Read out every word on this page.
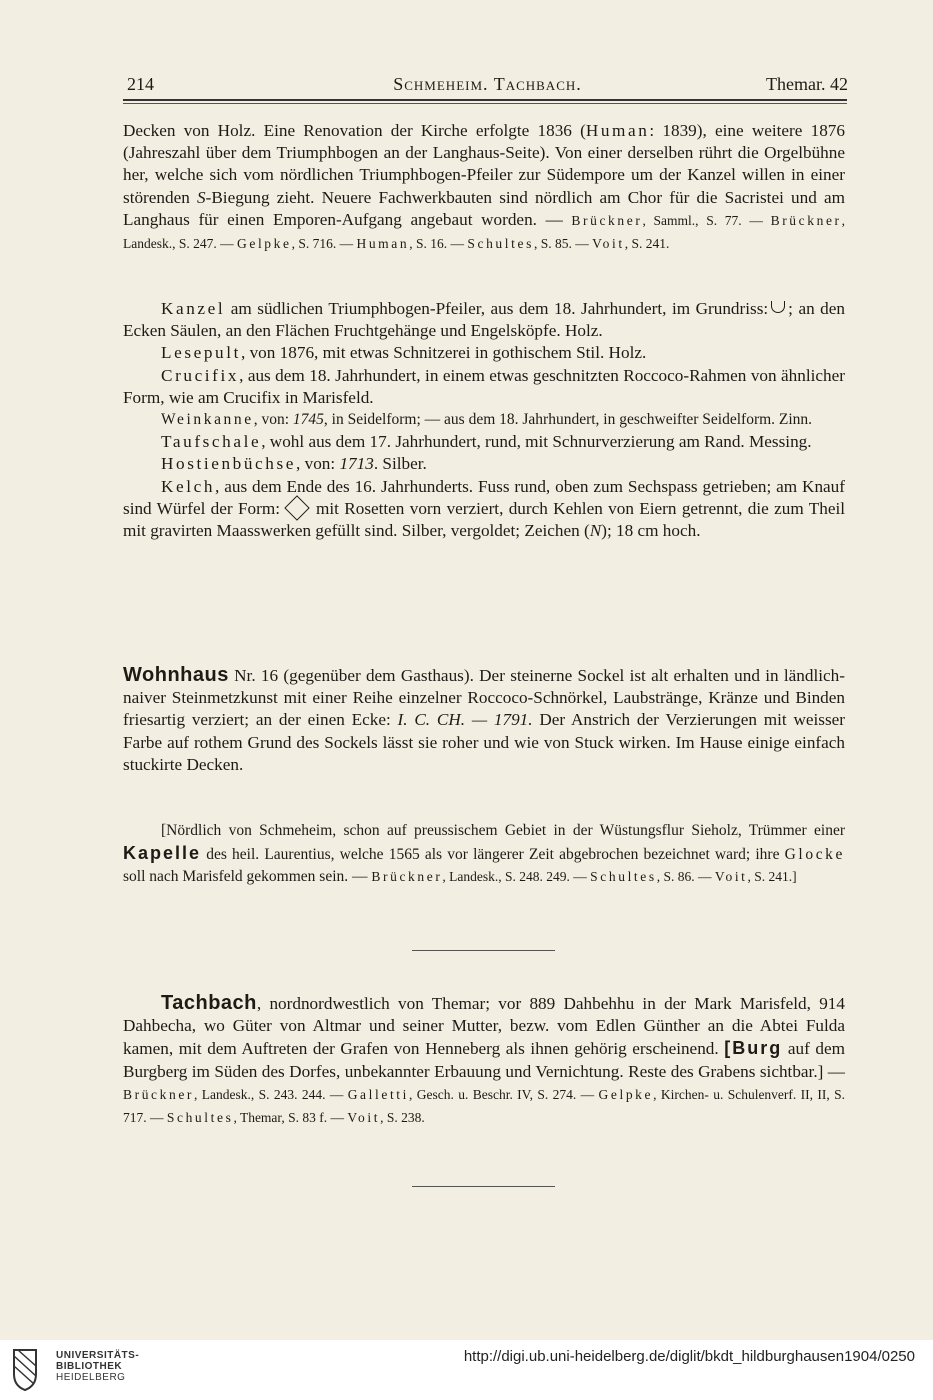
214	Schmeheim. Tachbach.	Themar. 42

Decken von Holz. Eine Renovation der Kirche erfolgte 1836 (Human: 1839), eine weitere 1876 (Jahreszahl über dem Triumphbogen an der Langhaus-Seite). Von einer derselben rührt die Orgelbühne her, welche sich vom nördlichen Triumphbogen-Pfeiler zur Südempore um der Kanzel willen in einer störenden S-Biegung zieht. Neuere Fachwerkbauten sind nördlich am Chor für die Sacristei und am Langhaus für einen Emporen-Aufgang angebaut worden. — Brückner, Samml., S. 77. — Brückner, Landesk., S. 247. — Gelpke, S. 716. — Human, S. 16. — Schultes, S. 85. — Voit, S. 241.

Kanzel am südlichen Triumphbogen-Pfeiler, aus dem 18. Jahrhundert, im Grundriss: ; an den Ecken Säulen, an den Flächen Fruchtgehänge und Engelsköpfe. Holz.

Lesepult, von 1876, mit etwas Schnitzerei in gothischem Stil. Holz.

Crucifix, aus dem 18. Jahrhundert, in einem etwas geschnitzten Roccoco-Rahmen von ähnlicher Form, wie am Crucifix in Marisfeld.

Weinkanne, von: 1745, in Seidelform; — aus dem 18. Jahrhundert, in geschweifter Seidelform. Zinn.

Taufschale, wohl aus dem 17. Jahrhundert, rund, mit Schnurverzierung am Rand. Messing.

Hostienbüchse, von: 1713. Silber.

Kelch, aus dem Ende des 16. Jahrhunderts. Fuss rund, oben zum Sechspass getrieben; am Knauf sind Würfel der Form: mit Rosetten vorn verziert, durch Kehlen von Eiern getrennt, die zum Theil mit gravirten Maasswerken gefüllt sind. Silber, vergoldet; Zeichen (N); 18 cm hoch.

Wohnhaus Nr. 16 (gegenüber dem Gasthaus). Der steinerne Sockel ist alt erhalten und in ländlich-naiver Steinmetzkunst mit einer Reihe einzelner Roccoco-Schnörkel, Laubstränge, Kränze und Binden friesartig verziert; an der einen Ecke: I. C. CH. — 1791. Der Anstrich der Verzierungen mit weisser Farbe auf rothem Grund des Sockels lässt sie roher und wie von Stuck wirken. Im Hause einige einfach stuckirte Decken.

[Nördlich von Schmeheim, schon auf preussischem Gebiet in der Wüstungsflur Sieholz, Trümmer einer Kapelle des heil. Laurentius, welche 1565 als vor längerer Zeit abgebrochen bezeichnet ward; ihre Glocke soll nach Marisfeld gekommen sein. — Brückner, Landesk., S. 248. 249. — Schultes, S. 86. — Voit, S. 241.]

Tachbach, nordnordwestlich von Themar; vor 889 Dahbehhu in der Mark Marisfeld, 914 Dahbecha, wo Güter von Altmar und seiner Mutter, bezw. vom Edlen Günther an die Abtei Fulda kamen, mit dem Auftreten der Grafen von Henneberg als ihnen gehörig erscheinend. [Burg auf dem Burgberg im Süden des Dorfes, unbekannter Erbauung und Vernichtung. Reste des Grabens sichtbar.] — Brückner, Landesk., S. 243. 244. — Galletti, Gesch. u. Beschr. IV, S. 274. — Gelpke, Kirchen- u. Schulenverf. II, II, S. 717. — Schultes, Themar, S. 83 f. — Voit, S. 238.

UNIVERSITÄTS-
BIBLIOTHEK
HEIDELBERG
http://digi.ub.uni-heidelberg.de/diglit/bkdt_hildburghausen1904/0250
